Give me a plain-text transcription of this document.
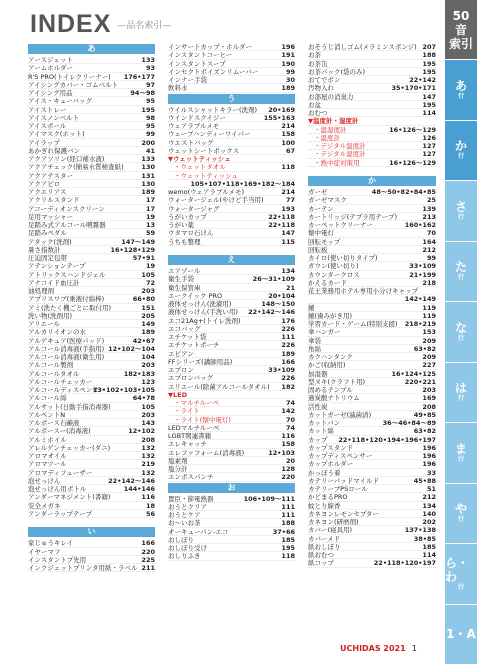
INDEX —品名索引—
あ
アースジェット	133
アームホルダー	93
R'S PRO(トイレクリーナー)	176•177
アイシングカバー・ゴムベルト	97
アイシング用品	94〜98
アイス・キューバッグ	95
アイストレー	195
アイスノンベルト	98
アイスボール	95
アイマスク(ホット)	99
アイラップ	200
あかぎれ保護バン	41
アクアソリン(経口補水液)	133
アクアチェック(簡易水質検査紙)	130
アクアテスター	131
アクアピロ	130
アクエリアス	189
アクリルスタンド	17
アコーディオンスクリーン	17
足用マッシャー	19
足踏み式アルコール噴霧器	13
足踏みペダル	59
アタック(洗剤)	147〜149
暑さ指数計	16•128•129
圧迫固定包帯	57•91
アテンションテープ	19
アトリックスハンドジェル	105
アナコイド血圧計	72
油処理剤	203
アプリスワブ(乗液付綿棒)	66•80
アミ(洗たく機ごとに取付用)	151
洗い物(洗剤用)	205
アリエール	149
アルカリイオンの水	189
アルゲキュア(医療パッド)	42•67
アルコール消毒液(手指用) 12•102〜104
アルコール消毒液(衛生用)	104
アルコール製剤	203
アルコールタオル	182•183
アルコールチェッカー	123
アルコールディスペンサー
13•102•103•105
アルコール綿	64•78
アルサット(日動手指消毒器)	105
アルペントN	203
アルボース石鹸液	143
アルボースー(消毒液)	12•102
アルミホイル	208
アレルゲンチェッカー(ダニ)	132
アロマオイル	132
アロマツール	219
アロマディフューザー	132
泡せっけん	22•142〜146
泡せっけん用ボトル	144•146
アンダーマネジメント(書籍)	116
安全メガネ	18
アンダーラップテープ	56
い
家じゅうキレイ	166
イヤーマフ	220
インスタントプ先用	225
インクジェットプリンタ用紙・ラベル 211
インサートカップ・ホルダー	196
インスタントコーヒー	191
インスタントスープ	190
インセクトボイズンリムーバー	99
インナー手袋	30
飲料水	189
う
ウイルスシャットキラー(洗剤)	20•169
ウインドスクイジー	155•163
ウェアラブルメモ	214
ウェーブハンディーワイパー	158
ウエストバッグ	100
ウェットシートボックス	67
▼ウェットティッシュ
・ウェットタオル	118
・ウェットティッシュ
105•107•118•169•182〜184
wemo(ウェアラブルメモ)	214
ウォータージェル(やけど手当用)	77
ウォータージャグ	193
うがいカップ	22•118
うがい薬	22•118
ウタマロ石けん	147
うちも整理	115
え
エアゾール	134
衛生手袋	26〜31•109
衛生保管庫	21
エークイック PRO	20•104
液体せっけん(洗濯用)	148〜150
液体せっけん(手洗い用)	22•142〜146
エコ21Ag+(トイレ洗剤)	176
エコバッグ	226
エチケット袋	111
エチケットポーチ	226
エピアン	189
FFシリーズ(講師用品)	166
エプロン	33•109
エプロンバッグ	226
エリエール(除菌アルコールタオル)	182
▼LED
・マルチルーペ	74
・ライト	142
・ライト(懐中電灯)	70
LEDマルチルーペ	74
LGBT関連書籍	116
エレキャッチ	158
エレファフォーム(消毒液)	12•103
塩素剤	20
塩分計	128
エンボスパンチ	220
お
置臣・節電熱器	106•109〜111
おうとクリア	111
おうとケア	111
お〜いお茶	188
オーキューパン-エコ	37•66
おしぼり	185
おしぼり受け	195
おしりふき	118
おそうじ消しゴム(メラミンスポンジ) 207
お茶	188
お茶缶	195
お茶パック(袋のみ)	195
おてでポン	22•142
汚物入れ	35•170•171
お部屋の消臭力	147
お盆	195
おむつ	114
▼温度計・湿度計
・温湿度計	16•126〜129
・温度計	126
・デジタル温度計	127
・デジタル湿度計	127
・熱中症対策用	16•126〜129
か
ガーゼ	48〜50•82•84•85
ガーゼマスク	25
カーテン	139
カートリッジ(テプラ用テープ)	213
カーペットクリーナー	160•162
懐中電灯	70
回転モップ	164
回転板	212
カイロ(使い切りタイプ)	99
ガウン(使い切り)	33•109
カウンタークロス	21•199
かえるカード	218
花王業務用ホテル専用小分けキャップ
142•149
鏡	119
鏡(歯みがき用)	119
学習カード・ゲーム(特別支援)	218•219
傘ハンガー	153
傘袋	209
角綿	63•82
カクハンタンク	209
かご(収納用)	227
加湿器	16•124•125
型ヌキ(クラフト用)	220•221
固めるテンプル	203
過炭酸ナトリウム	169
活性炭	208
カットガーゼ(滅菌済)	49•85
カットバン	36〜46•84〜89
カット綿	63•82
カップ	22•118•120•194•196•197
カップスタンド	196
カップディスペンサー	196
カップホルダー	196
かっぽう着	33
カテリーパッドマイルド	45•88
カテリーブPSロール	51
かどまるPRO	212
蚊とり線香	134
カネヨンレモンセプター	140
カネヨン(研磨剤)	202
カバー(寝具用)	137•138
カバーメド	38•85
紙おしぼり	185
紙おむつ	114
紙コップ	22•118•120•197
50
音
索引
あ
行
か
行
さ
行
た
行
な
行
は
行
ま
行
や
行
ら・わ
行
1・A
UCHIDAS 2021 1
